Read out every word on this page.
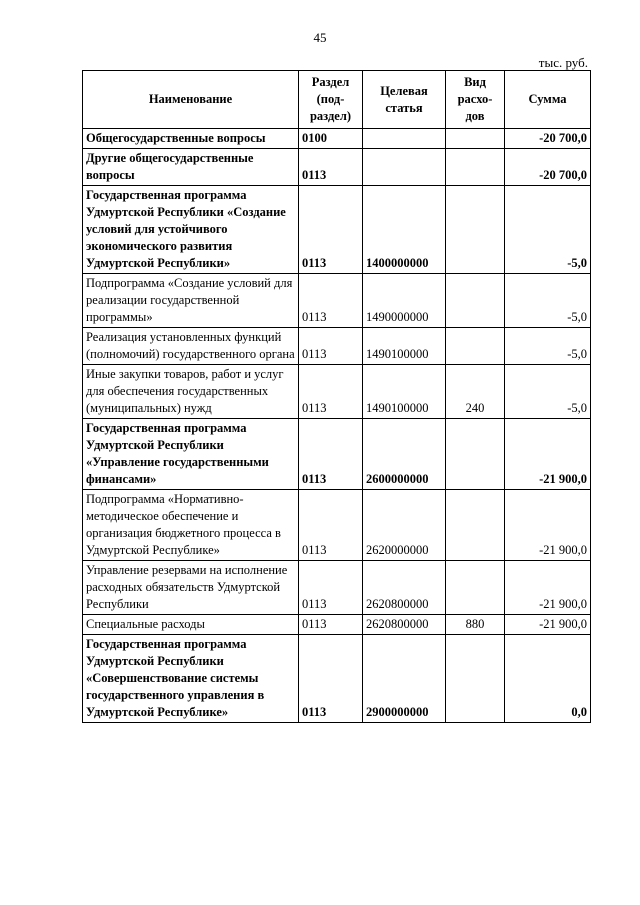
45
тыс. руб.
Наименование	Раздел (под-раздел)	Целевая статья	Вид расхо-дов	Сумма
Общегосударственные вопросы	0100			-20 700,0
Другие общегосударственные вопросы	0113			-20 700,0
Государственная программа Удмуртской Республики «Создание условий для устойчивого экономического развития Удмуртской Республики»	0113	1400000000		-5,0
Подпрограмма «Создание условий для реализации государственной программы»	0113	1490000000		-5,0
Реализация установленных функций (полномочий) государственного органа	0113	1490100000		-5,0
Иные закупки товаров, работ и услуг для обеспечения государственных (муниципальных) нужд	0113	1490100000	240	-5,0
Государственная программа Удмуртской Республики «Управление государственными финансами»	0113	2600000000		-21 900,0
Подпрограмма «Нормативно-методическое обеспечение и организация бюджетного процесса в Удмуртской Республике»	0113	2620000000		-21 900,0
Управление резервами на исполнение расходных обязательств Удмуртской Республики	0113	2620800000		-21 900,0
Специальные расходы	0113	2620800000	880	-21 900,0
Государственная программа Удмуртской Республики «Совершенствование системы государственного управления в Удмуртской Республике»	0113	2900000000		0,0
